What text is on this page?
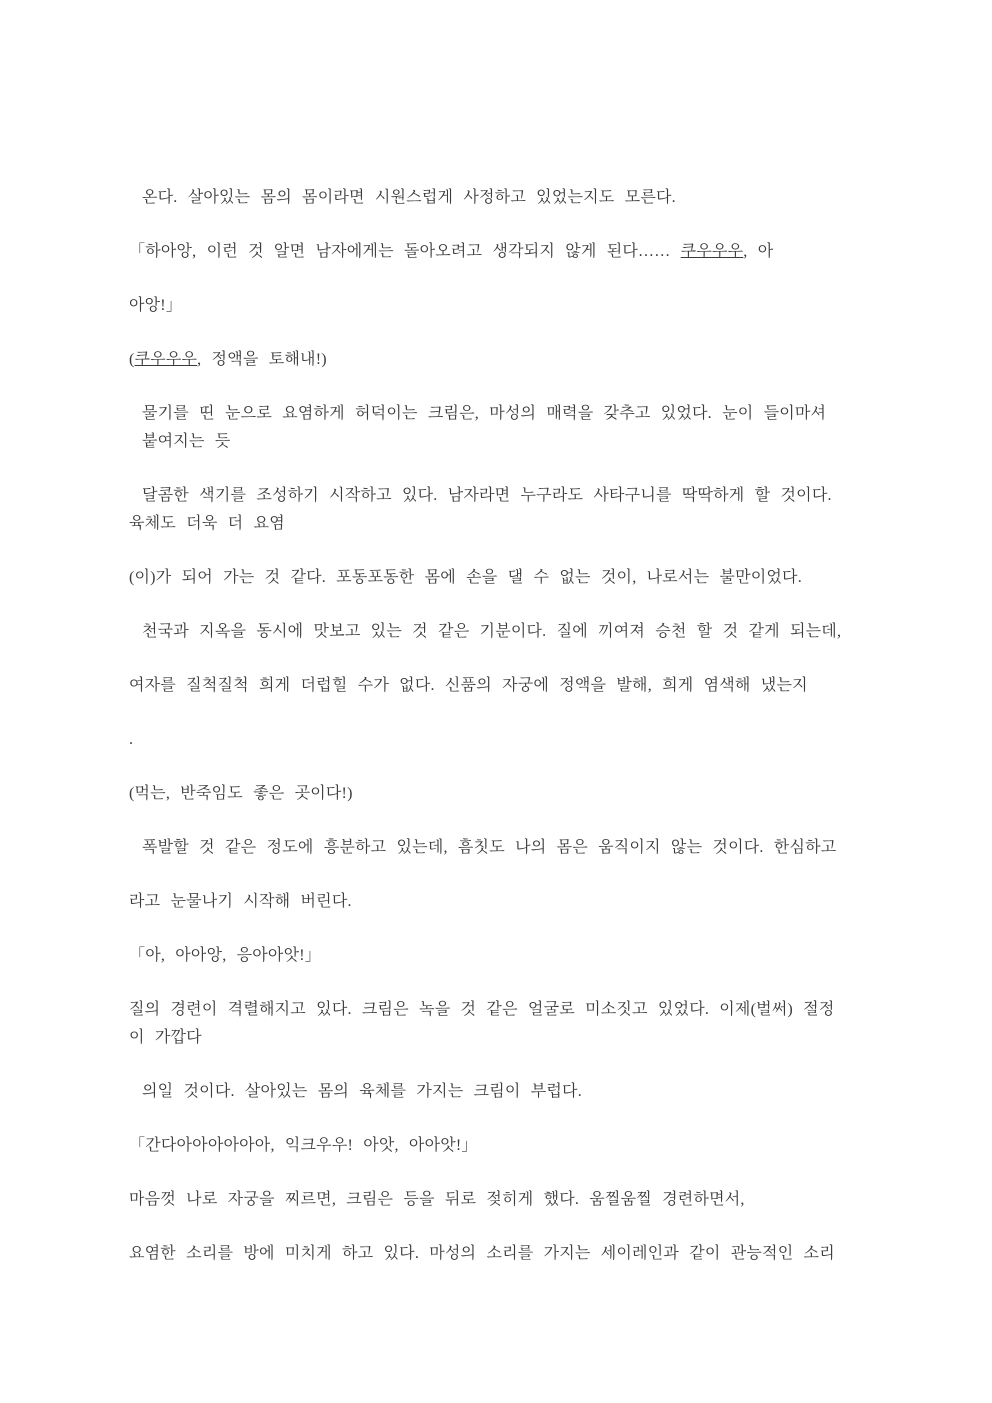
온다. 살아있는 몸의 몸이라면 시원스럽게 사정하고 있었는지도 모른다.

「하아앙, 이런 것 알면 남자에게는 돌아오려고 생각되지 않게 된다…… 쿠우우우, 아

아앙!」

(쿠우우우, 정액을 토해내!)

물기를 띤 눈으로 요염하게 허덕이는 크림은, 마성의 매력을 갖추고 있었다. 눈이 들이마셔
붙여지는 듯

달콤한 색기를 조성하기 시작하고 있다. 남자라면 누구라도 사타구니를 딱딱하게 할 것이다.
육체도 더욱 더 요염

(이)가 되어 가는 것 같다. 포동포동한 몸에 손을 댈 수 없는 것이, 나로서는 불만이었다.

천국과 지옥을 동시에 맛보고 있는 것 같은 기분이다. 질에 끼여져 승천 할 것 같게 되는데,

여자를 질척질척 희게 더럽힐 수가 없다. 신품의 자궁에 정액을 발해, 희게 염색해 냈는지

.

(먹는, 반죽임도 좋은 곳이다!)

폭발할 것 같은 정도에 흥분하고 있는데, 흠칫도 나의 몸은 움직이지 않는 것이다. 한심하고

라고 눈물나기 시작해 버린다.

「아, 아아앙, 응아아앗!」

질의 경련이 격렬해지고 있다. 크림은 녹을 것 같은 얼굴로 미소짓고 있었다. 이제(벌써) 절정
이 가깝다

의일 것이다. 살아있는 몸의 육체를 가지는 크림이 부럽다.

「간다아아아아아아, 익크우우! 아앗, 아아앗!」

마음껏 나로 자궁을 찌르면, 크림은 등을 뒤로 젖히게 했다. 움찔움찔 경련하면서,

요염한 소리를 방에 미치게 하고 있다. 마성의 소리를 가지는 세이레인과 같이 관능적인 소리
